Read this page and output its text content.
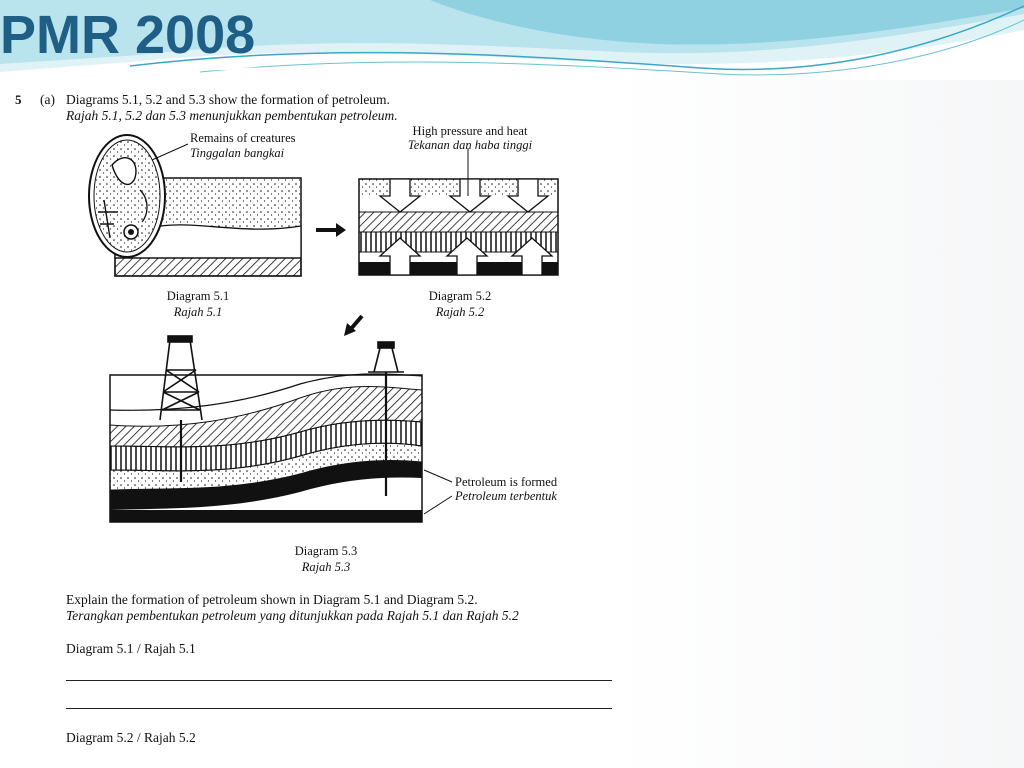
PMR 2008
5 (a) Diagrams 5.1, 5.2 and 5.3 show the formation of petroleum.
Rajah 5.1, 5.2 dan 5.3 menunjukkan pembentukan petroleum.
Remains of creatures
Tinggalan bangkai
Diagram 5.1
Rajah 5.1
High pressure and heat
Tekanan dan haba tinggi
Diagram 5.2
Rajah 5.2
Petroleum is formed
Petroleum terbentuk
Diagram 5.3
Rajah 5.3
Explain the formation of petroleum shown in Diagram 5.1 and Diagram 5.2.
Terangkan pembentukan petroleum yang ditunjukkan pada Rajah 5.1 dan Rajah 5.2
Diagram 5.1 / Rajah 5.1
Diagram 5.2 / Rajah 5.2
